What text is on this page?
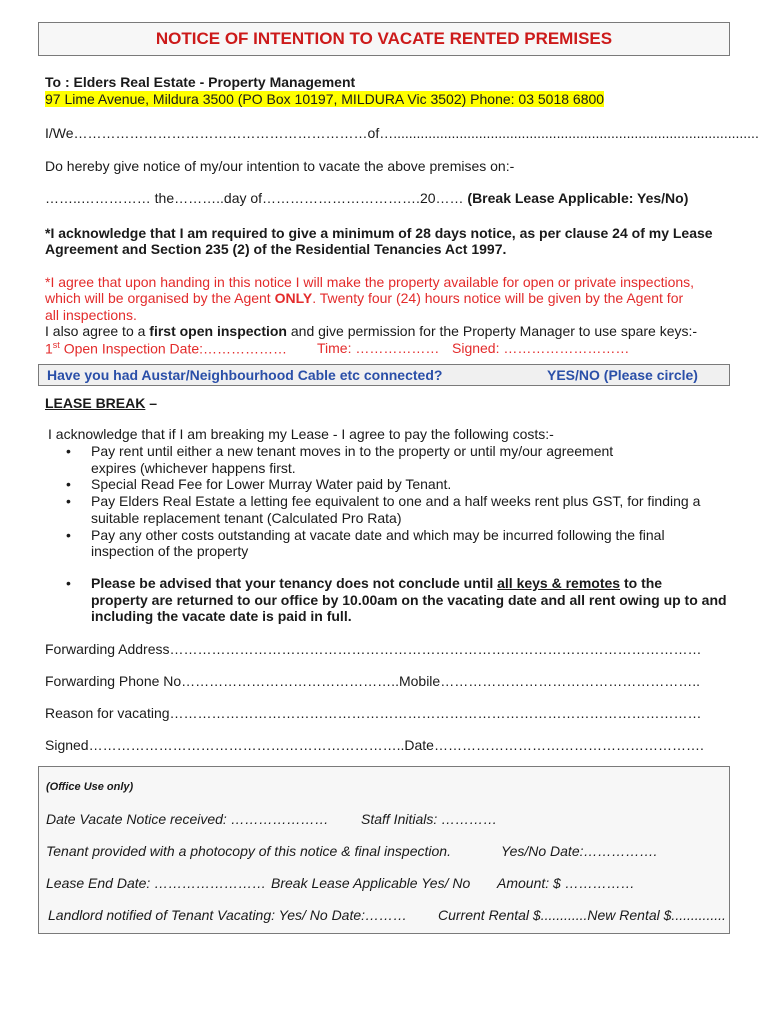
NOTICE OF INTENTION TO VACATE RENTED PREMISES
To : Elders Real Estate - Property Management
97 Lime Avenue, Mildura 3500 (PO Box 10197, MILDURA Vic 3502) Phone: 03 5018 6800
I/We………………………………………………………of…..............................................................................................
Do hereby give notice of my/our intention to vacate the above premises on:-
……..…………… the………..day of…………………………….20…… (Break Lease Applicable: Yes/No)
*I acknowledge that I am required to give a minimum of 28 days notice, as per clause 24 of my Lease
Agreement and Section 235 (2) of the Residential Tenancies Act 1997.
*I agree that upon handing in this notice I will make the property available for open or private inspections,
which will be organised by the Agent ONLY. Twenty four (24) hours notice will be given by the Agent for
all inspections.
I also agree to a first open inspection and give permission for the Property Manager to use spare keys:-
1st Open Inspection Date:……………… Time: ……………… Signed: ………………………
Have you had Austar/Neighbourhood Cable etc connected?	YES/NO (Please circle)
LEASE BREAK –
I acknowledge that if I am breaking my Lease - I agree to pay the following costs:-
• Pay rent until either a new tenant moves in to the property or until my/our agreement
expires (whichever happens first.
• Special Read Fee for Lower Murray Water paid by Tenant.
• Pay Elders Real Estate a letting fee equivalent to one and a half weeks rent plus GST, for finding a
suitable replacement tenant (Calculated Pro Rata)
• Pay any other costs outstanding at vacate date and which may be incurred following the final
inspection of the property
• Please be advised that your tenancy does not conclude until all keys & remotes to the
property are returned to our office by 10.00am on the vacating date and all rent owing up to and
including the vacate date is paid in full.
Forwarding Address……………………………………………………………………………………………………
Forwarding Phone No………………………………………..Mobile………………………………………………..
Reason for vacating……………………………………………………………………………………………………
Signed…………………………………………………………..Date………………………………………………….
(Office Use only)
Date Vacate Notice received: ………………… Staff Initials: …………
Tenant provided with a photocopy of this notice & final inspection.	Yes/No Date:…………….
Lease End Date: …………………… Break Lease Applicable Yes/ No Amount: $ ……………
Landlord notified of Tenant Vacating: Yes/ No Date:……… Current Rental $............New Rental $..............
